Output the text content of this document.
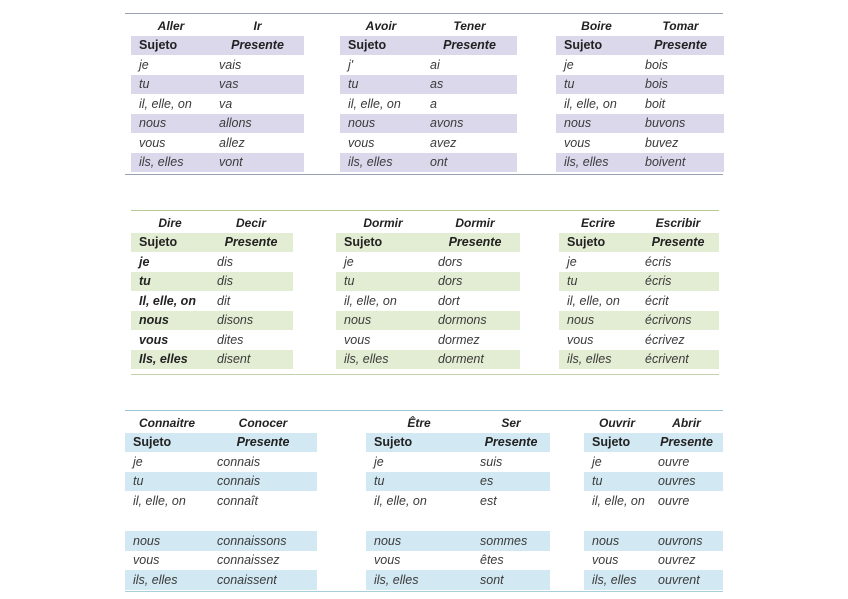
Aller	Ir
Sujeto	Presente
je	vais
tu	vas
il, elle, on	va
nous	allons
vous	allez
ils, elles	vont
Avoir	Tener
Sujeto	Presente
j'	ai
tu	as
il, elle, on	a
nous	avons
vous	avez
ils, elles	ont
Boire	Tomar
Sujeto	Presente
je	bois
tu	bois
il, elle, on	boit
nous	buvons
vous	buvez
ils, elles	boivent
Dire	Decir
Sujeto	Presente
je	dis
tu	dis
Il, elle, on	dit
nous	disons
vous	dites
Ils, elles	disent
Dormir	Dormir
Sujeto	Presente
je	dors
tu	dors
il, elle, on	dort
nous	dormons
vous	dormez
ils, elles	dorment
Ecrire	Escribir
Sujeto	Presente
je	écris
tu	écris
il, elle, on	écrit
nous	écrivons
vous	écrivez
ils, elles	écrivent
Connaitre	Conocer
Sujeto	Presente
je	connais
tu	connais
il, elle, on	connaît
nous	connaissons
vous	connaissez
ils, elles	conaissent
Être	Ser
Sujeto	Presente
je	suis
tu	es
il, elle, on	est
nous	sommes
vous	êtes
ils, elles	sont
Ouvrir	Abrir
Sujeto	Presente
je	ouvre
tu	ouvres
il, elle, on	ouvre
nous	ouvrons
vous	ouvrez
ils, elles	ouvrent
